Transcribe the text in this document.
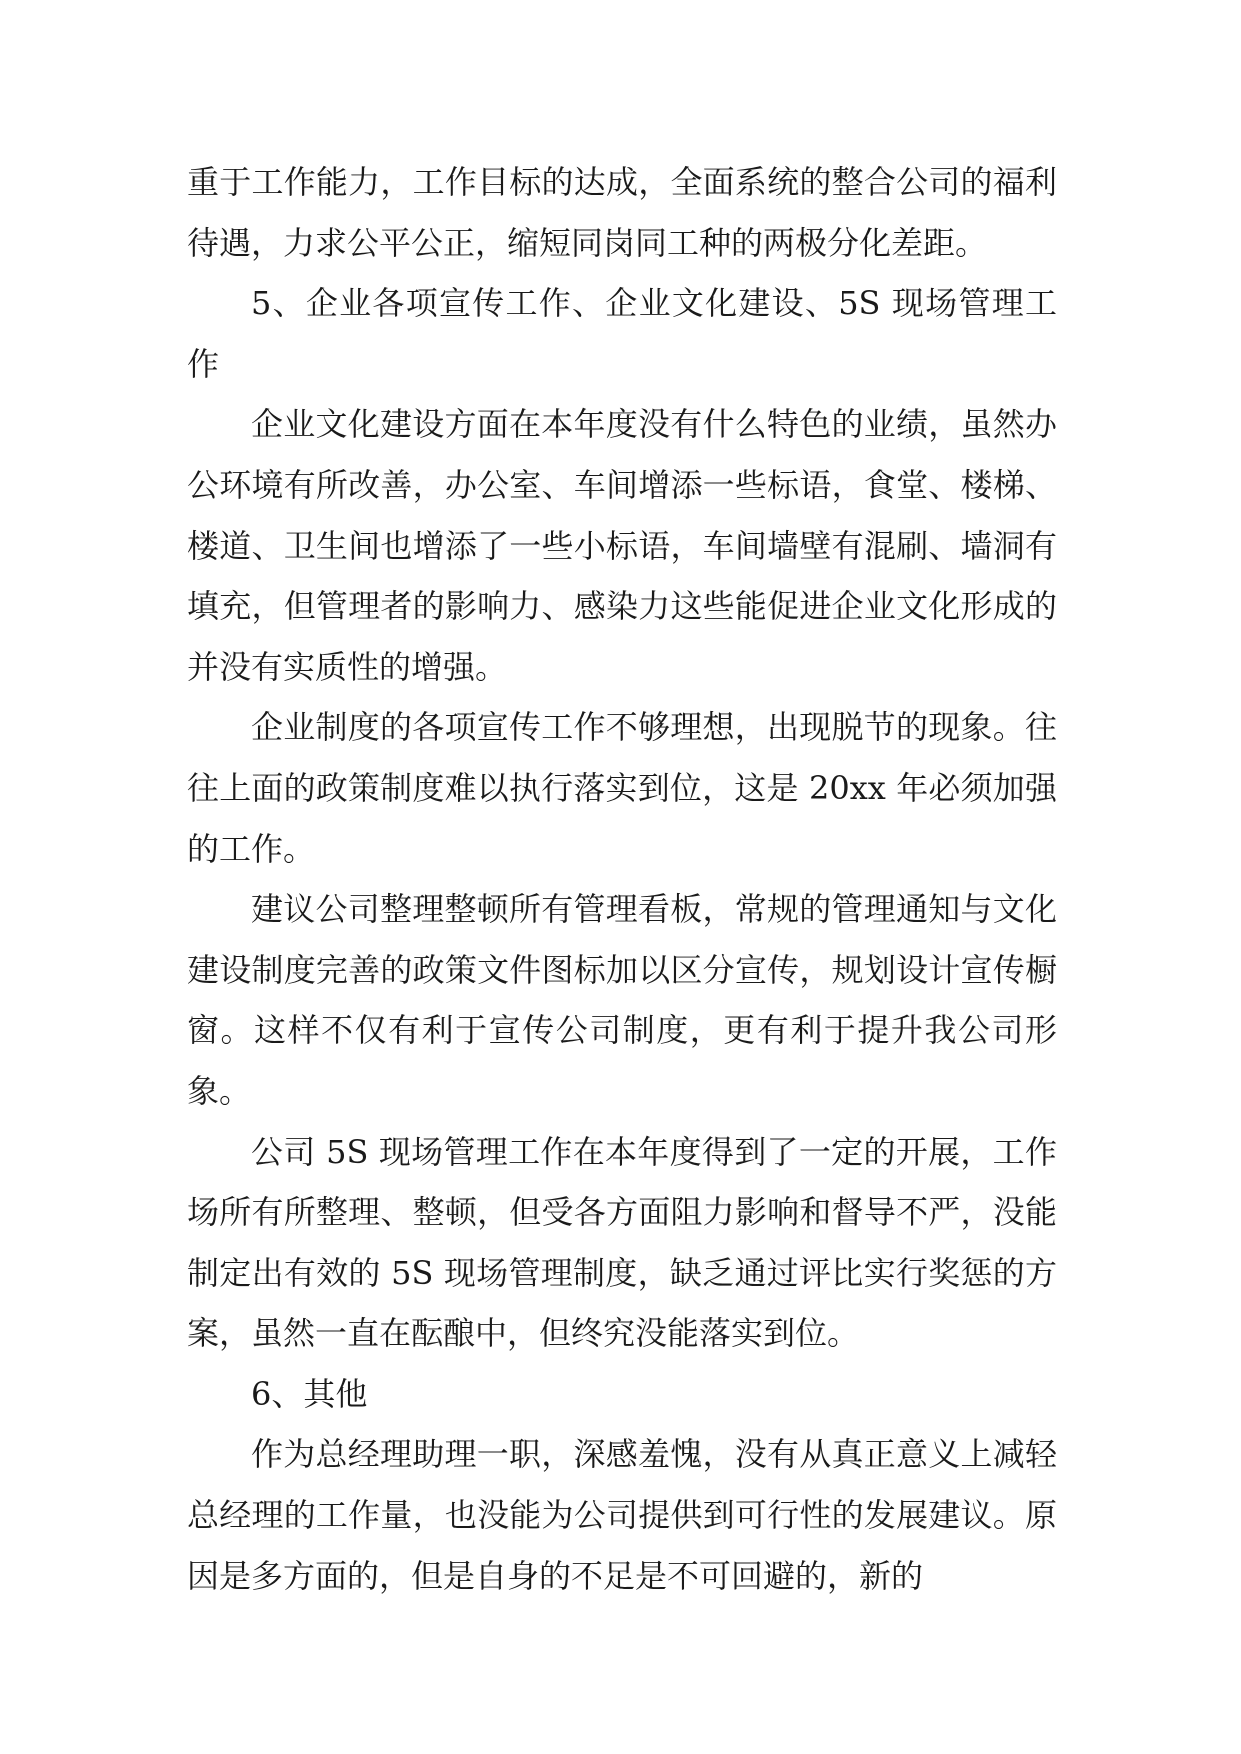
重于工作能力，工作目标的达成，全面系统的整合公司的福利待遇，力求公平公正，缩短同岗同工种的两极分化差距。

5、企业各项宣传工作、企业文化建设、5S 现场管理工作

企业文化建设方面在本年度没有什么特色的业绩，虽然办公环境有所改善，办公室、车间增添一些标语，食堂、楼梯、楼道、卫生间也增添了一些小标语，车间墙壁有混刷、墙洞有填充，但管理者的影响力、感染力这些能促进企业文化形成的并没有实质性的增强。

企业制度的各项宣传工作不够理想，出现脱节的现象。往往上面的政策制度难以执行落实到位，这是 20xx 年必须加强的工作。

建议公司整理整顿所有管理看板，常规的管理通知与文化建设制度完善的政策文件图标加以区分宣传，规划设计宣传橱窗。这样不仅有利于宣传公司制度，更有利于提升我公司形象。

公司 5S 现场管理工作在本年度得到了一定的开展，工作场所有所整理、整顿，但受各方面阻力影响和督导不严，没能制定出有效的 5S 现场管理制度，缺乏通过评比实行奖惩的方案，虽然一直在酝酿中，但终究没能落实到位。

6、其他

作为总经理助理一职，深感羞愧，没有从真正意义上减轻总经理的工作量，也没能为公司提供到可行性的发展建议。原因是多方面的，但是自身的不足是不可回避的，新的
